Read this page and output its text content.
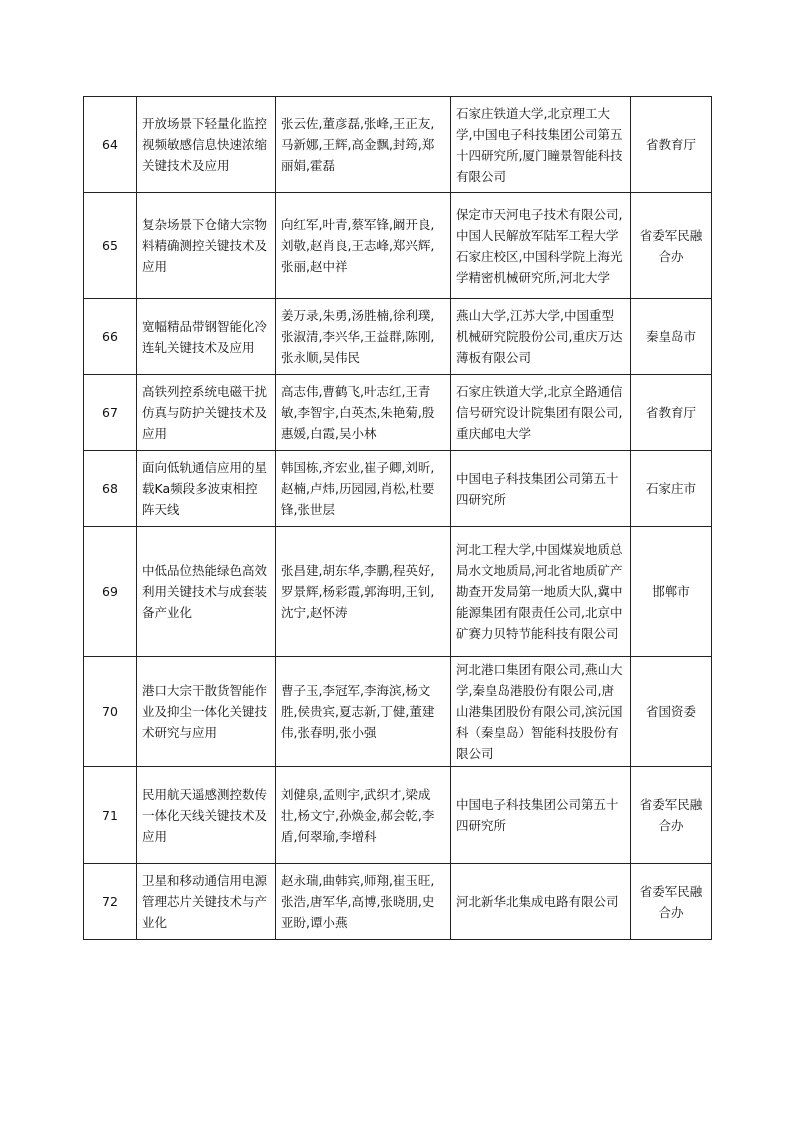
64	开放场景下轻量化监控视频敏感信息快速浓缩关键技术及应用	张云佐,董彦磊,张峰,王正友,马新娜,王辉,高金飘,封筠,郑丽娟,霍磊	石家庄铁道大学,北京理工大学,中国电子科技集团公司第五十四研究所,厦门瞳景智能科技有限公司	省教育厅
65	复杂场景下仓储大宗物料精确测控关键技术及应用	向红军,叶青,蔡军锋,阚开良,刘敬,赵肖良,王志峰,郑兴辉,张丽,赵中祥	保定市天河电子技术有限公司,中国人民解放军陆军工程大学石家庄校区,中国科学院上海光学精密机械研究所,河北大学	省委军民融合办
66	宽幅精品带钢智能化冷连轧关键技术及应用	姜万录,朱勇,汤胜楠,徐利璞,张淑清,李兴华,王益群,陈刚,张永顺,吴伟民	燕山大学,江苏大学,中国重型机械研究院股份公司,重庆万达薄板有限公司	秦皇岛市
67	高铁列控系统电磁干扰仿真与防护关键技术及应用	高志伟,曹鹤飞,叶志红,王青敏,李智宇,白英杰,朱艳菊,殷惠媛,白霞,吴小林	石家庄铁道大学,北京全路通信信号研究设计院集团有限公司,重庆邮电大学	省教育厅
68	面向低轨通信应用的星载Ka频段多波束相控阵天线	韩国栋,齐宏业,崔子卿,刘昕,赵楠,卢炜,历园园,肖松,杜要锋,张世层	中国电子科技集团公司第五十四研究所	石家庄市
69	中低品位热能绿色高效利用关键技术与成套装备产业化	张昌建,胡东华,李鹏,程英好,罗景辉,杨彩霞,郭海明,王钊,沈宁,赵怀涛	河北工程大学,中国煤炭地质总局水文地质局,河北省地质矿产勘查开发局第一地质大队,冀中能源集团有限责任公司,北京中矿赛力贝特节能科技有限公司	邯郸市
70	港口大宗干散货智能作业及抑尘一体化关键技术研究与应用	曹子玉,李冠军,李海滨,杨文胜,侯贵宾,夏志新,丁健,董建伟,张春明,张小强	河北港口集团有限公司,燕山大学,秦皇岛港股份有限公司,唐山港集团股份有限公司,滨沅国科（秦皇岛）智能科技股份有限公司	省国资委
71	民用航天遥感测控数传一体化天线关键技术及应用	刘健泉,孟则宇,武织才,梁成壮,杨文宁,孙焕金,郝会乾,李盾,何翠瑜,李增科	中国电子科技集团公司第五十四研究所	省委军民融合办
72	卫星和移动通信用电源管理芯片关键技术与产业化	赵永瑞,曲韩宾,师翔,崔玉旺,张浩,唐军华,高博,张晓朋,史亚盼,谭小燕	河北新华北集成电路有限公司	省委军民融合办
